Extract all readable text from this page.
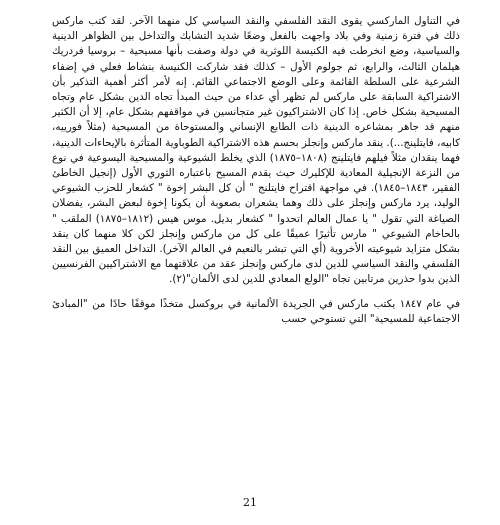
في التناول الماركسي يقوى النقد الفلسفي والنقد السياسي كل منهما الآخر. لقد كتب ماركس ذلك في فترة زمنية وفي بلاد واجهت بالفعل وضعًا شديد التشابك والتداخل بين الظواهر الدينية والسياسية، وضع انخرطت فيه الكنيسة اللوثرية في دولة وصفت بأنها مسيحية – بروسيا فردريك هيلمان الثالث، والرابع، ثم جولوم الأول – كذلك فقد شاركت الكنيسة بنشاط فعلي في إضفاء الشرعية على السلطة القائمة وعلى الوضع الاجتماعي القائم. إنه لأمر أكثر أهمية التذكير بأن الاشتراكية السابقة على ماركس لم تظهر أي عداء من حيث المبدأ تجاه الدين بشكل عام وتجاه المسيحية بشكل خاص. إذا كان الاشتراكيون غير متجانسين في مواقفهم بشكل عام، إلا أن الكثير منهم قد جاهر بمشاعره الدينية ذات الطابع الإنساني والمستوحاة من المسيحية (مثلاً فورييه، كابيه، فايتلينج...). ينقد ماركس وإنجلز بحسم هذه الاشتراكية الطوباوية المتأثرة بالإيحاءات الدينية، فهما ينقدان مثلاً فيلهم فايتلينج (١٨٠٨–١٨٧٥) الذي يخلط الشيوعية والمسيحية اليسوعية في نوع من النزعة الإنجيلية المعادية للإكليرك حيث يقدم المسيح باعتباره الثوري الأول (إنجيل الخاطئ الفقير، ١٨٤٣–١٨٤٥). في مواجهة اقتراح فايتلنج " أن كل البشر إخوة " كشعار للحزب الشيوعي الوليد، يرد ماركس وإنجلز على ذلك وهما يشعران بصعوبة أن يكونا إخوة لبعض البشر، يفضلان الصياغة التي تقول " يا عمال العالم اتحدوا " كشعار بديل. موس هيس (١٨١٢–١٨٧٥) الملقب " بالحاخام الشيوعي " مارس تأثيرًا عميقًا على كل من ماركس وإنجلز لكن كلا منهما كان ينقد بشكل متزايد شيوعيته الأخروية (أي التي تبشر بالنعيم في العالم الآخر). التداخل العميق بين النقد الفلسفي والنقد السياسي للدين لدى ماركس وإنجلز عقد من علاقتهما مع الاشتراكيين الفرنسيين الذين بدوا حذرين مرتابين تجاه "الولع المعادي للدين لدى الألمان"(٢).

في عام ١٨٤٧ يكتب ماركس في الجريدة الألمانية في بروكسل متخذًا موقفًا حادًا من "المبادئ الاجتماعية للمسيحية" التي تستوحي حسب

21
